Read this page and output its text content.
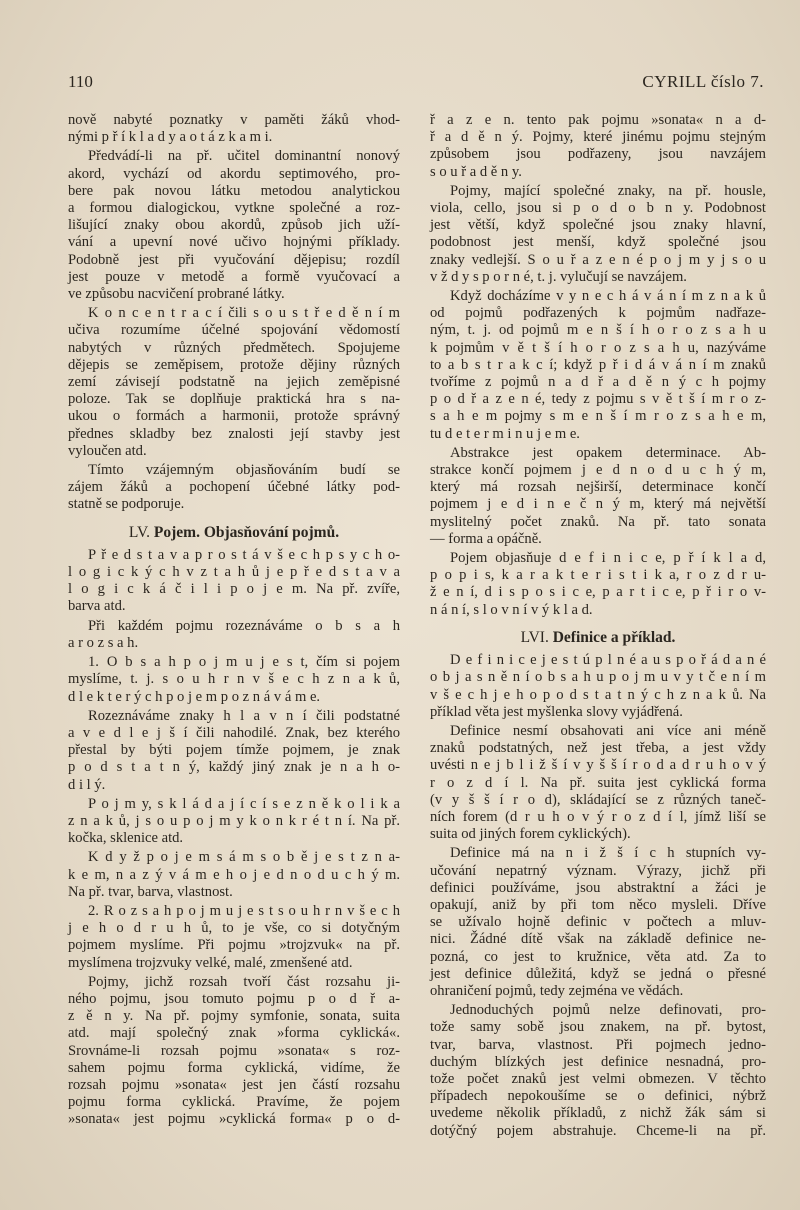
110	CYRILL číslo 7.
nově nabyté poznatky v paměti žáků vhod-
nými p ř í k l a d y a o t á z k a m i.
Předvádí-li na př. učitel dominantní nonový
akord, vychází od akordu septimového, pro-
bere pak novou látku metodou analytickou
a formou dialogickou, vytkne společné a roz-
lišující znaky obou akordů, způsob jich uží-
vání a upevní nové učivo hojnými příklady.
Podobně jest při vyučování dějepisu; rozdíl
jest pouze v metodě a formě vyučovací a
ve způsobu nacvičení probrané látky.
K o n c e n t r a c í čili s o u s t ř e d ě n í m
učiva rozumíme účelné spojování vědomostí
nabytých v různých předmětech. Spojujeme
dějepis se zeměpisem, protože dějiny různých
zemí závisejí podstatně na jejich zeměpisné
poloze. Tak se doplňuje praktická hra s na-
ukou o formách a harmonii, protože správný
přednes skladby bez znalosti její stavby jest
vyloučen atd.
Tímto vzájemným objasňováním budí se
zájem žáků a pochopení účebné látky pod-
statně se podporuje.
LV. Pojem. Objasňování pojmů.
P ř e d s t a v a p r o s t á v š e c h p s y c h o-
l o g i c k ý c h v z t a h ů j e p ř e d s t a v a
l o g i c k á č i l i p o j e m. Na př. zvíře,
barva atd.
Při každém pojmu rozeznáváme o b s a h
a r o z s a h.
1. O b s a h p o j m u j e s t, čím si pojem
myslíme, t. j. s o u h r n v š e c h z n a k ů,
d l e k t e r ý c h p o j e m p o z n á v á m e.
Rozeznáváme znaky h l a v n í čili podstatné
a v e d l e j š í čili nahodilé. Znak, bez kterého
přestal by býti pojem tímže pojmem, je znak
p o d s t a t n ý, každý jiný znak je n a h o-
d i l ý.
P o j m y, s k l á d a j í c í s e z n ě k o l i k a
z n a k ů, j s o u p o j m y k o n k r é t n í. Na př.
kočka, sklenice atd.
K d y ž p o j e m s á m s o b ě j e s t z n a-
k e m, n a z ý v á m e h o j e d n o d u c h ý m.
Na př. tvar, barva, vlastnost.
2. R o z s a h p o j m u j e s t s o u h r n v š e c h
j e h o d r u h ů, to je vše, co si dotyčným
pojmem myslíme. Při pojmu »trojzvuk« na př.
myslímena trojzvuky velké, malé, zmenšené atd.
Pojmy, jichž rozsah tvoří část rozsahu ji-
ného pojmu, jsou tomuto pojmu p o d ř a-
z ě n y. Na př. pojmy symfonie, sonata, suita
atd. mají společný znak »forma cyklická«.
Srovnáme-li rozsah pojmu »sonata« s roz-
sahem pojmu forma cyklická, vidíme, že
rozsah pojmu »sonata« jest jen částí rozsahu
pojmu forma cyklická. Pravíme, že pojem
»sonata« jest pojmu »cyklická forma« p o d-
ř a z e n. tento pak pojmu »sonata« n a d-
ř a d ě n ý. Pojmy, které jinému pojmu stejným
způsobem jsou podřazeny, jsou navzájem
s o u ř a d ě n y.
Pojmy, mající společné znaky, na př. housle,
viola, cello, jsou si p o d o b n y. Podobnost
jest větší, když společné jsou znaky hlavní,
podobnost jest menší, když společné jsou
znaky vedlejší. S o u ř a z e n é p o j m y j s o u
v ž d y s p o r n é, t. j. vylučují se navzájem.
Když docházíme v y n e c h á v á n í m z n a k ů
od pojmů podřazených k pojmům nadřaze-
ným, t. j. od pojmů m e n š í h o r o z s a h u
k pojmům v ě t š í h o r o z s a h u, nazýváme
to a b s t r a k c í; když p ř i d á v á n í m znaků
tvoříme z pojmů n a d ř a d ě n ý c h pojmy
p o d ř a z e n é, tedy z pojmu s v ě t š í m r o z-
s a h e m pojmy s m e n š í m r o z s a h e m,
tu d e t e r m i n u j e m e.
Abstrakce jest opakem determinace. Ab-
strakce končí pojmem j e d n o d u c h ý m,
který má rozsah nejširší, determinace končí
pojmem j e d i n e č n ý m, který má největší
myslitelný počet znaků. Na př. tato sonata
— forma a opáčně.
Pojem objasňuje d e f i n i c e, p ř í k l a d,
p o p i s, k a r a k t e r i s t i k a, r o z d r u-
ž e n í, d i s p o s i c e, p a r t i c e, p ř i r o v-
n á n í, s l o v n í v ý k l a d.
LVI. Definice a příklad.
D e f i n i c e j e s t ú p l n é a u s p o ř á d a n é
o b j a s n ě n í o b s a h u p o j m u v y t č e n í m
v š e c h j e h o p o d s t a t n ý c h z n a k ů. Na
příklad věta jest myšlenka slovy vyjádřená.
Definice nesmí obsahovati ani více ani méně
znaků podstatných, než jest třeba, a jest vždy
uvésti n e j b l i ž š í v y š š í r o d a d r u h o v ý
r o z d í l. Na př. suita jest cyklická forma
(v y š š í r o d), skládající se z různých taneč-
ních forem (d r u h o v ý r o z d í l, jímž liší se
suita od jiných forem cyklických).
Definice má na n i ž š í c h stupních vy-
učování nepatrný význam. Výrazy, jichž při
definici používáme, jsou abstraktní a žáci je
opakují, aniž by při tom něco mysleli. Dříve
se užívalo hojně definic v počtech a mluv-
nici. Žádné dítě však na základě definice ne-
pozná, co jest to kružnice, věta atd. Za to
jest definice důležitá, když se jedná o přesné
ohraničení pojmů, tedy zejména ve vědách.
Jednoduchých pojmů nelze definovati, pro-
tože samy sobě jsou znakem, na př. bytost,
tvar, barva, vlastnost. Při pojmech jedno-
duchým blízkých jest definice nesnadná, pro-
tože počet znaků jest velmi obmezen. V těchto
případech nepokoušíme se o definici, nýbrž
uvedeme několik příkladů, z nichž žák sám si
dotýčný pojem abstrahuje. Chceme-li na př.
